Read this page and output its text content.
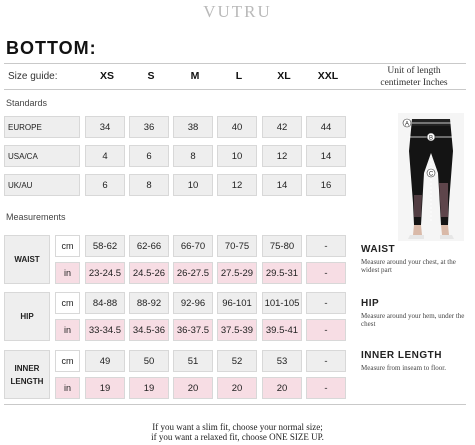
VUTRU
BOTTOM:
Size guide:	XS	S	M	L	XL	XXL	Unit of length
centimeter Inches
Standards
Measurements
EUROPE	34	36	38	40	42	44
USA/CA	4	6	8	10	12	14
UK/AU	6	8	10	12	14	16
WAIST
cm	58-62	62-66	66-70	70-75	75-80	-
in	23-24.5	24.5-26	26-27.5	27.5-29	29.5-31	-
HIP
cm	84-88	88-92	92-96	96-101	101-105	-
in	33-34.5	34.5-36	36-37.5	37.5-39	39.5-41	-
INNER
LENGTH
cm	49	50	51	52	53	-
in	19	19	20	20	20	-
A
B
C
WAIST
Measure around your chest, at the widest part
HIP
Measure around your hem, under the chest
INNER LENGTH
Measure from inseam to floor.
If you want a slim fit, choose your normal size;
if you want a relaxed fit, choose ONE SIZE UP.
